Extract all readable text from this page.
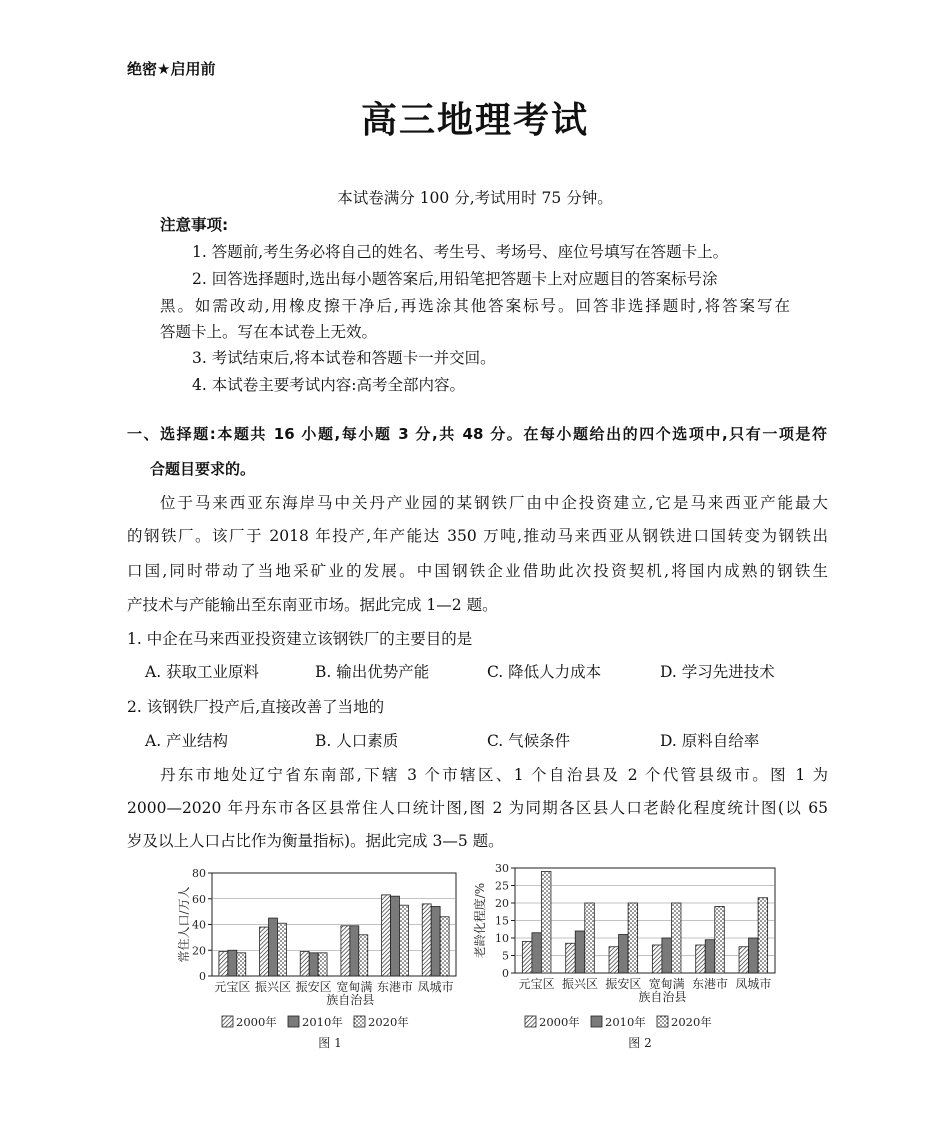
绝密★启用前
高三地理考试
本试卷满分 100 分,考试用时 75 分钟。
注意事项:
1. 答题前,考生务必将自己的姓名、考生号、考场号、座位号填写在答题卡上。
2. 回答选择题时,选出每小题答案后,用铅笔把答题卡上对应题目的答案标号涂
黑。如需改动,用橡皮擦干净后,再选涂其他答案标号。回答非选择题时,将答案写在
答题卡上。写在本试卷上无效。
3. 考试结束后,将本试卷和答题卡一并交回。
4. 本试卷主要考试内容:高考全部内容。
一、选择题:本题共 16 小题,每小题 3 分,共 48 分。在每小题给出的四个选项中,只有一项是符
合题目要求的。
位于马来西亚东海岸马中关丹产业园的某钢铁厂由中企投资建立,它是马来西亚产能最大
的钢铁厂。该厂于 2018 年投产,年产能达 350 万吨,推动马来西亚从钢铁进口国转变为钢铁出
口国,同时带动了当地采矿业的发展。中国钢铁企业借助此次投资契机,将国内成熟的钢铁生
产技术与产能输出至东南亚市场。据此完成 1—2 题。
1. 中企在马来西亚投资建立该钢铁厂的主要目的是
A. 获取工业原料	B. 输出优势产能	C. 降低人力成本	D. 学习先进技术
2. 该钢铁厂投产后,直接改善了当地的
A. 产业结构	B. 人口素质	C. 气候条件	D. 原料自给率
丹东市地处辽宁省东南部,下辖 3 个市辖区、1 个自治县及 2 个代管县级市。图 1 为
2000—2020 年丹东市各区县常住人口统计图,图 2 为同期各区县人口老龄化程度统计图(以 65
岁及以上人口占比作为衡量指标)。据此完成 3—5 题。
0
20
40
60
80
常住人口/万人
元宝区 振兴区 振安区 宽甸满
族自治县
东港市 凤城市
2000年 2010年 2020年
图 1
0
5
10
15
20
25
30
老龄化程度/%
元宝区 振兴区 振安区 宽甸满
族自治县
东港市 凤城市
2000年 2010年 2020年
图 2
